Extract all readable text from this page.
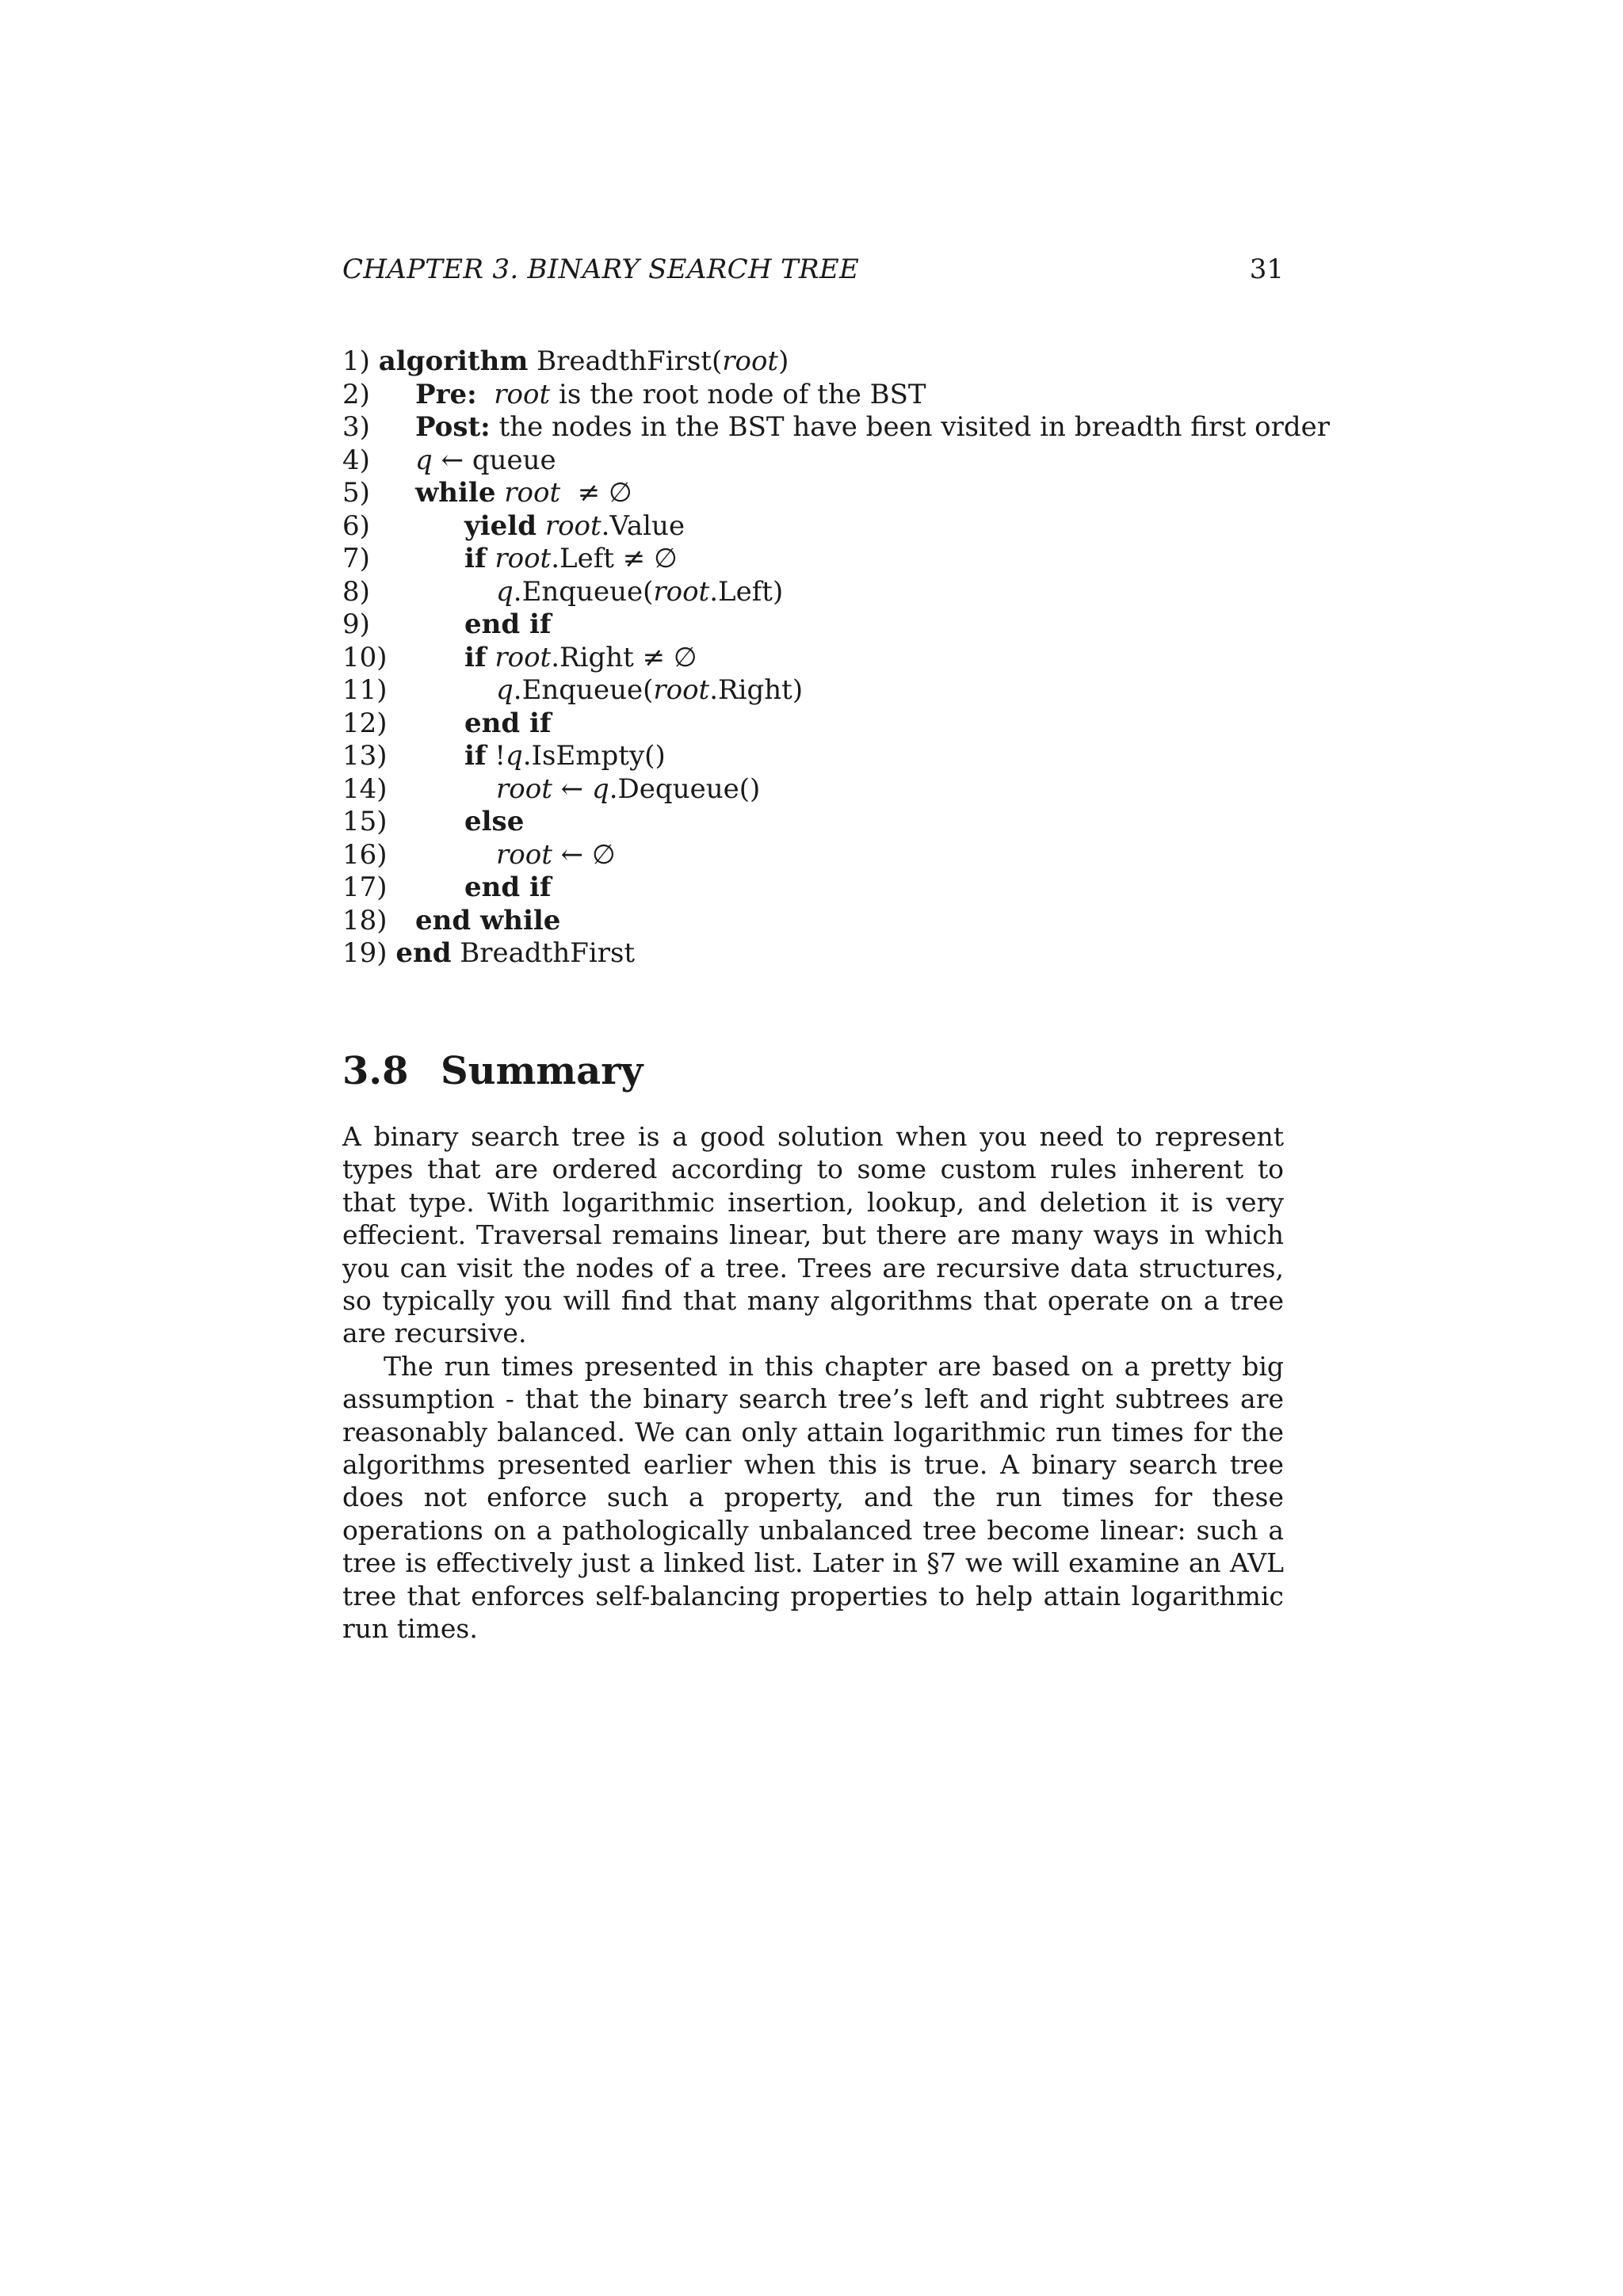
CHAPTER 3. BINARY SEARCH TREE	31
1) algorithm BreadthFirst(root)
2) Pre: root is the root node of the BST
3) Post: the nodes in the BST have been visited in breadth first order
4) q ← queue
5) while root  ≠ ∅
6)	yield root.Value
7)	if root.Left ≠ ∅
8)	q.Enqueue(root.Left)
9)	end if
10)	if root.Right ≠ ∅
11)	q.Enqueue(root.Right)
12)	end if
13)	if !q.IsEmpty()
14)	root ← q.Dequeue()
15)	else
16)	root ← ∅
17)	end if
18) end while
19) end BreadthFirst
3.8 Summary

A binary search tree is a good solution when you need to represent types that are ordered according to some custom rules inherent to that type. With logarithmic insertion, lookup, and deletion it is very effecient. Traversal remains linear, but there are many ways in which you can visit the nodes of a tree. Trees are recursive data structures, so typically you will find that many algorithms that operate on a tree are recursive.

The run times presented in this chapter are based on a pretty big assumption - that the binary search tree’s left and right subtrees are reasonably balanced. We can only attain logarithmic run times for the algorithms presented earlier when this is true. A binary search tree does not enforce such a property, and the run times for these operations on a pathologically unbalanced tree become linear: such a tree is effectively just a linked list. Later in §7 we will examine an AVL tree that enforces self-balancing properties to help attain logarithmic run times.
